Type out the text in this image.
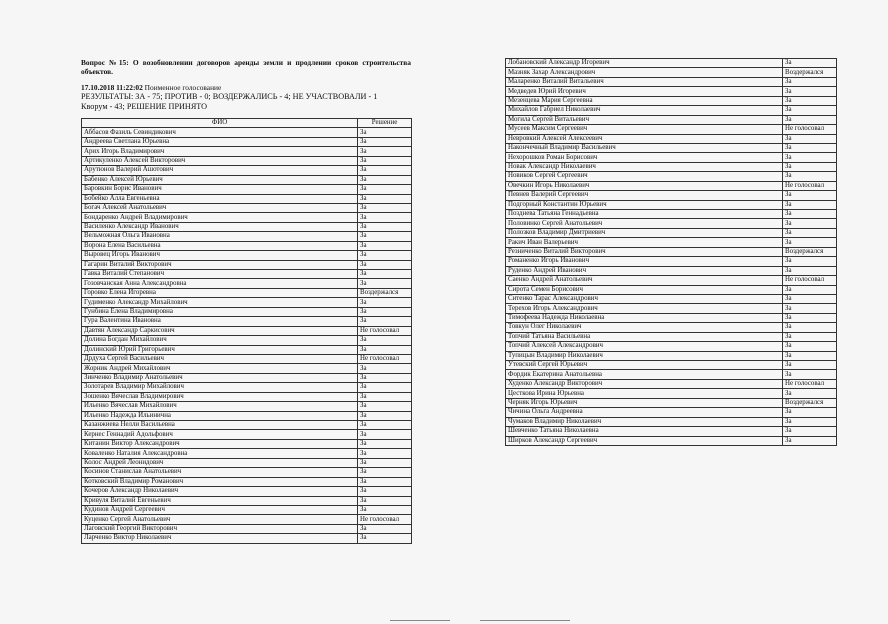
Вопрос №15: О возобновлении договоров аренды земли и продлении сроков строительства объектов.
17.10.2018 11:22:02 Поименное голосование
РЕЗУЛЬТАТЫ: ЗА - 75; ПРОТИВ - 0; ВОЗДЕРЖАЛИСЬ - 4; НЕ УЧАСТВОВАЛИ - 1
Кворум - 43; РЕШЕНИЕ ПРИНЯТО
ФИО	Решение
Аббасов Фазиль Севиндикович	За
Андреева Светлана Юрьевна	За
Арих Игорь Владимирович	За
Артикуленко Алексей Викторович	За
Арутюнов Валерий Ашотович	За
Бабенко Алексей Юрьевич	За
Баровкин Борис Иванович	За
Бобейко Алла Евгеньевна	За
Богач Алексей Анатольевич	За
Бондаренко Андрей Владимирович	За
Василенко Александр Иванович	За
Вельможная Ольга Ивановна	За
Ворона Елена Васильевна	За
Выровец Игорь Иванович	За
Гагарин Виталий Викторович	За
Гавка Виталий Степанович	За
Гозовчанская Анна Александровна	За
Горовко Елена Игоревна	Воздержался
Гудименко Александр Михайлович	За
Гунбина Елена Владимировна	За
Гура Валентина Ивановна	За
Давтян Александр Саркисович	Не голосовал
Долина Богдан Михайлович	За
Долинский Юрий Григорьевич	За
Дрдуха Сергей Васильевич	Не голосовал
Жорник Андрей Михайлович	За
Зинченко Владимир Анатольевич	За
Золотарев Владимир Михайлович	За
Зошенко Вячеслав Владимирович	За
Ильенко Вячеслав Михайлович	За
Ильенко Надежда Ильинична	За
Казанжиева Нелли Васильевна	За
Кернес Геннадий Адольфович	За
Китанин Виктор Александрович	За
Коваленко Наталия Александровна	За
Колос Андрей Леонидович	За
Косинов Станислав Анатольевич	За
Котковский Владимир Романович	За
Кочеров Александр Николаевич	За
Кривуля Виталий Евгеньевич	За
Кудинов Андрей Сергеевич	За
Куценко Сергей Анатольевич	Не голосовал
Лаговский Георгий Викторович	За
Ларченко Виктор Николаевич	За
Лобановский Александр Игоревич	За
Мазняк Захар Александрович	Воздержался
Маларенко Виталий Витальевич	За
Медведев Юрий Игоревич	За
Мезенцева Мария Сергеевна	За
Михайлов Габриел Николаевич	За
Могила Сергей Витальевич	За
Мусеев Максим Сергеевич	Не голосовал
Невровкий Алексей Алексеевич	За
Накончечный Владимир Васильевич	За
Нехорошков Роман Борисович	За
Новак Александр Николаевич	За
Новиков Сергей Сергеевич	За
Овечкин Игорь Николаевич	Не голосовал
Певнев Валерий Сергеевич	За
Подгорный Константин Юрьевич	За
Позднева Татьяна Геннадьевна	За
Половинко Сергей Анатольевич	За
Полозков Владимир Дмитриевич	За
Ракич Иван Валерьевич	За
Резниченко Виталий Викторович	Воздержался
Романенко Игорь Иванович	За
Руденко Андрей Иванович	За
Саенко Андрей Анатольевич	Не голосовал
Сирота Семен Борисович	За
Ситенко Тарас Александрович	За
Терехов Игорь Александрович	За
Тимофеева Надежда Николаевна	За
Товкун Олег Николаевич	За
Топчий Татьяна Васильевна	За
Топчий Алексей Александрович	За
Тупицын Владимир Николаевич	За
Утевский Сергей Юрьевич	За
Фордик Екатерина Анатольевна	За
Худенко Александр Викторович	Не голосовал
Цесткова Ирина Юрьевна	За
Черняк Игорь Юрьевич	Воздержался
Чичина Ольга Андреевна	За
Чумаков Владимир Николаевич	За
Шевченко Татьяна Николаевна	За
Ширков Александр Сергеевич	За
